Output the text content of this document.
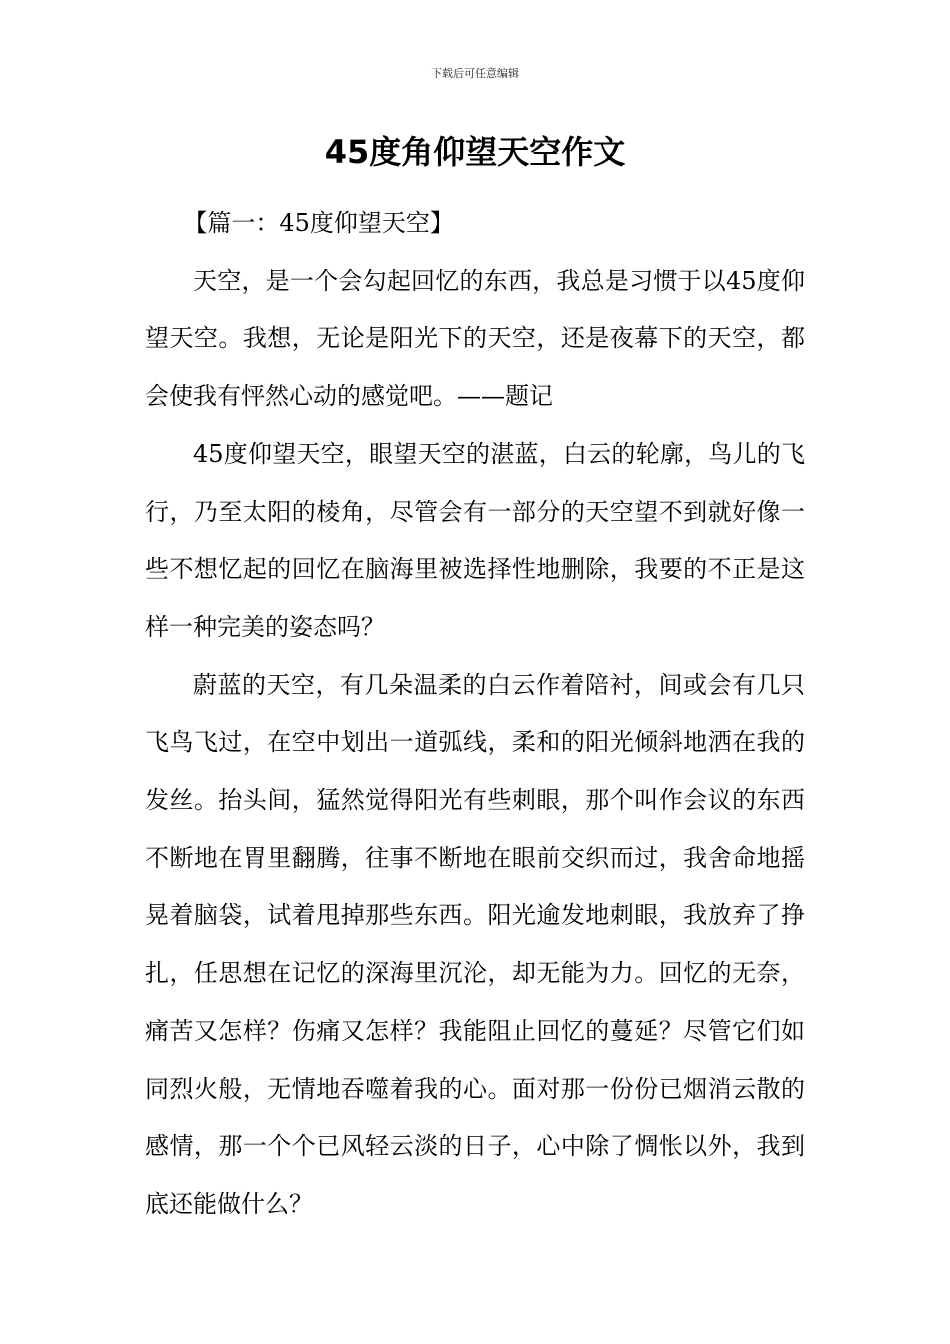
下载后可任意编辑
45度角仰望天空作文

【篇一：45度仰望天空】

天空，是一个会勾起回忆的东西，我总是习惯于以45度仰望天空。我想，无论是阳光下的天空，还是夜幕下的天空，都会使我有怦然心动的感觉吧。——题记

45度仰望天空，眼望天空的湛蓝，白云的轮廓，鸟儿的飞行，乃至太阳的棱角，尽管会有一部分的天空望不到就好像一些不想忆起的回忆在脑海里被选择性地删除，我要的不正是这样一种完美的姿态吗？

蔚蓝的天空，有几朵温柔的白云作着陪衬，间或会有几只飞鸟飞过，在空中划出一道弧线，柔和的阳光倾斜地洒在我的发丝。抬头间，猛然觉得阳光有些刺眼，那个叫作会议的东西不断地在胃里翻腾，往事不断地在眼前交织而过，我舍命地摇晃着脑袋，试着甩掉那些东西。阳光逾发地刺眼，我放弃了挣扎，任思想在记忆的深海里沉沦，却无能为力。回忆的无奈，痛苦又怎样？伤痛又怎样？我能阻止回忆的蔓延？尽管它们如同烈火般，无情地吞噬着我的心。面对那一份份已烟消云散的感情，那一个个已风轻云淡的日子，心中除了惆怅以外，我到底还能做什么？
